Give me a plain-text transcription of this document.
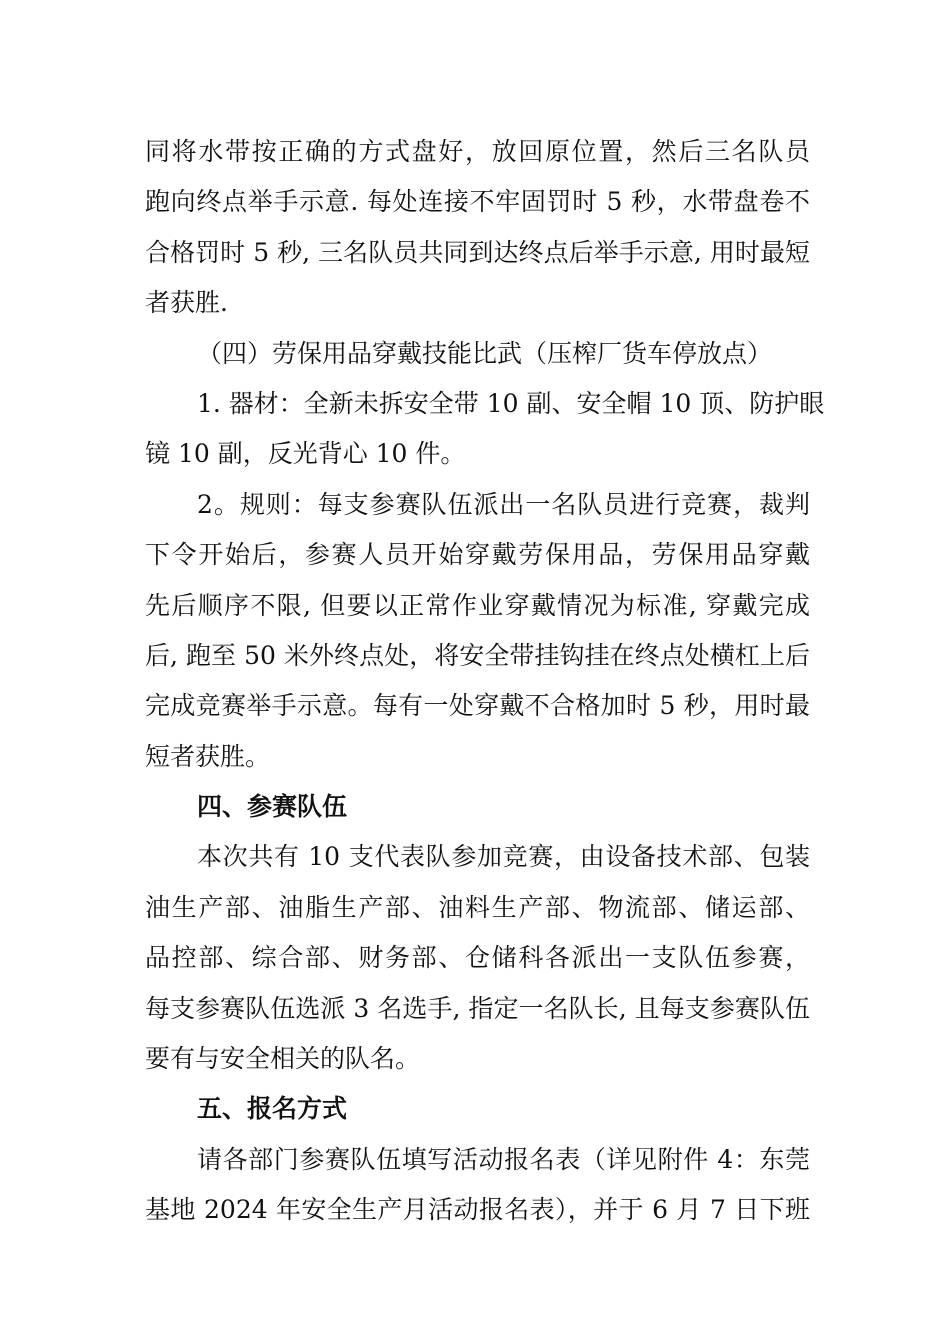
同将水带按正确的方式盘好，放回原位置，然后三名队员
跑向终点举手示意. 每处连接不牢固罚时 5 秒，水带盘卷不
合格罚时 5 秒, 三名队员共同到达终点后举手示意, 用时最短
者获胜.
（四）劳保用品穿戴技能比武（压榨厂货车停放点）
1. 器材：全新未拆安全带 10 副、安全帽 10 顶、防护眼
镜 10 副，反光背心 10 件。
2。规则：每支参赛队伍派出一名队员进行竞赛，裁判
下令开始后，参赛人员开始穿戴劳保用品，劳保用品穿戴
先后顺序不限, 但要以正常作业穿戴情况为标准, 穿戴完成
后, 跑至 50 米外终点处，将安全带挂钩挂在终点处横杠上后
完成竞赛举手示意。每有一处穿戴不合格加时 5 秒，用时最
短者获胜。
四、参赛队伍
本次共有 10 支代表队参加竞赛，由设备技术部、包装
油生产部、油脂生产部、油料生产部、物流部、储运部、
品控部、综合部、财务部、仓储科各派出一支队伍参赛，
每支参赛队伍选派 3 名选手, 指定一名队长, 且每支参赛队伍
要有与安全相关的队名。
五、报名方式
请各部门参赛队伍填写活动报名表（详见附件 4：东莞
基地 2024 年安全生产月活动报名表），并于 6 月 7 日下班
